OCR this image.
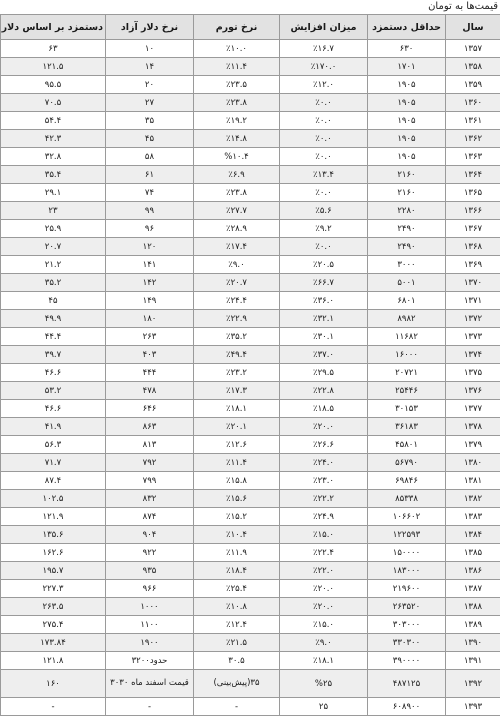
قیمت‌ها به تومان
سال	حداقل دستمزد	میزان افزایش	نرخ تورم	نرخ دلار آزاد	دستمزد بر اساس دلار
۱۳۵۷	۶۳۰	٪۱۶.۷	٪۱۰.۰	۱۰	۶۳
۱۳۵۸	۱۷۰۱	٪۱۷۰.۰	٪۱۱.۴	۱۴	۱۲۱.۵
۱۳۵۹	۱۹۰۵	٪۱۲.۰	٪۲۳.۵	۲۰	۹۵.۵
۱۳۶۰	۱۹۰۵	٪۰.۰	٪۲۳.۸	۲۷	۷۰.۵
۱۳۶۱	۱۹۰۵	٪۰.۰	٪۱۹.۲	۳۵	۵۴.۴
۱۳۶۲	۱۹۰۵	٪۰.۰	٪۱۴.۸	۴۵	۴۲.۳
۱۳۶۳	۱۹۰۵	٪۰.۰	%۱۰.۴	۵۸	۳۲.۸
۱۳۶۴	۲۱۶۰	٪۱۳.۴	٪۶.۹	۶۱	۳۵.۴
۱۳۶۵	۲۱۶۰	٪۰.۰	٪۲۳.۸	۷۴	۲۹.۱
۱۳۶۶	۲۲۸۰	٪۵.۶	٪۲۷.۷	۹۹	۲۳
۱۳۶۷	۲۴۹۰	٪۹.۲	٪۲۸.۹	۹۶	۲۵.۹
۱۳۶۸	۲۴۹۰	٪۰.۰	٪۱۷.۴	۱۲۰	۲۰.۷
۱۳۶۹	۳۰۰۰	٪۲۰.۵	٪۹.۰	۱۴۱	۲۱.۲
۱۳۷۰	۵۰۰۱	٪۶۶.۷	٪۲۰.۷	۱۴۲	۳۵.۲
۱۳۷۱	۶۸۰۱	٪۳۶.۰	٪۲۴.۴	۱۴۹	۴۵
۱۳۷۲	۸۹۸۲	٪۳۲.۱	٪۲۲.۹	۱۸۰	۴۹.۹
۱۳۷۳	۱۱۶۸۲	٪۳۰.۱	٪۳۵.۲	۲۶۳	۴۴.۴
۱۳۷۴	۱۶۰۰۰	٪۳۷.۰	٪۴۹.۴	۴۰۳	۳۹.۷
۱۳۷۵	۲۰۷۲۱	٪۲۹.۵	٪۲۳.۲	۴۴۴	۴۶.۶
۱۳۷۶	۲۵۴۴۶	٪۲۲.۸	٪۱۷.۳	۴۷۸	۵۳.۲
۱۳۷۷	۳۰۱۵۳	٪۱۸.۵	٪۱۸.۱	۶۴۶	۴۶.۶
۱۳۷۸	۳۶۱۸۳	٪۲۰.۰	٪۲۰.۱	۸۶۳	۴۱.۹
۱۳۷۹	۴۵۸۰۱	٪۲۶.۶	٪۱۲.۶	۸۱۳	۵۶.۳
۱۳۸۰	۵۶۷۹۰	٪۲۴.۰	٪۱۱.۴	۷۹۲	۷۱.۷
۱۳۸۱	۶۹۸۴۶	٪۲۳.۰	٪۱۵.۸	۷۹۹	۸۷.۴
۱۳۸۲	۸۵۳۳۸	٪۲۲.۲	٪۱۵.۶	۸۳۲	۱۰۲.۵
۱۳۸۳	۱۰۶۶۰۲	٪۲۴.۹	٪۱۵.۲	۸۷۴	۱۲۱.۹
۱۳۸۴	۱۲۲۵۹۳	٪۱۵.۰	٪۱۰.۴	۹۰۴	۱۳۵.۶
۱۳۸۵	۱۵۰۰۰۰	٪۲۲.۴	٪۱۱.۹	۹۲۲	۱۶۲.۶
۱۳۸۶	۱۸۳۰۰۰	٪۲۲.۰	٪۱۸.۴	۹۳۵	۱۹۵.۷
۱۳۸۷	۲۱۹۶۰۰	٪۲۰.۰	٪۲۵.۴	۹۶۶	۲۲۷.۳
۱۳۸۸	۲۶۳۵۲۰	٪۲۰.۰	٪۱۰.۸	۱۰۰۰	۲۶۳.۵
۱۳۸۹	۳۰۳۰۰۰	٪۱۵.۰	٪۱۲.۴	۱۱۰۰	۲۷۵.۴
۱۳۹۰	۳۳۰۳۰۰	٪۹.۰	٪۲۱.۵	۱۹۰۰	۱۷۳.۸۴
۱۳۹۱	۳۹۰۰۰۰	٪۱۸.۱	۳۰.۵	حدود۳۲۰۰	۱۲۱.۸
۱۳۹۲	۴۸۷۱۲۵	%۲۵	۳۵(پیش‌بینی)	قیمت اسفند ماه ۳۰۳۰	۱۶۰
۱۳۹۳	۶۰۸۹۰۰	۲۵	-	-	-
